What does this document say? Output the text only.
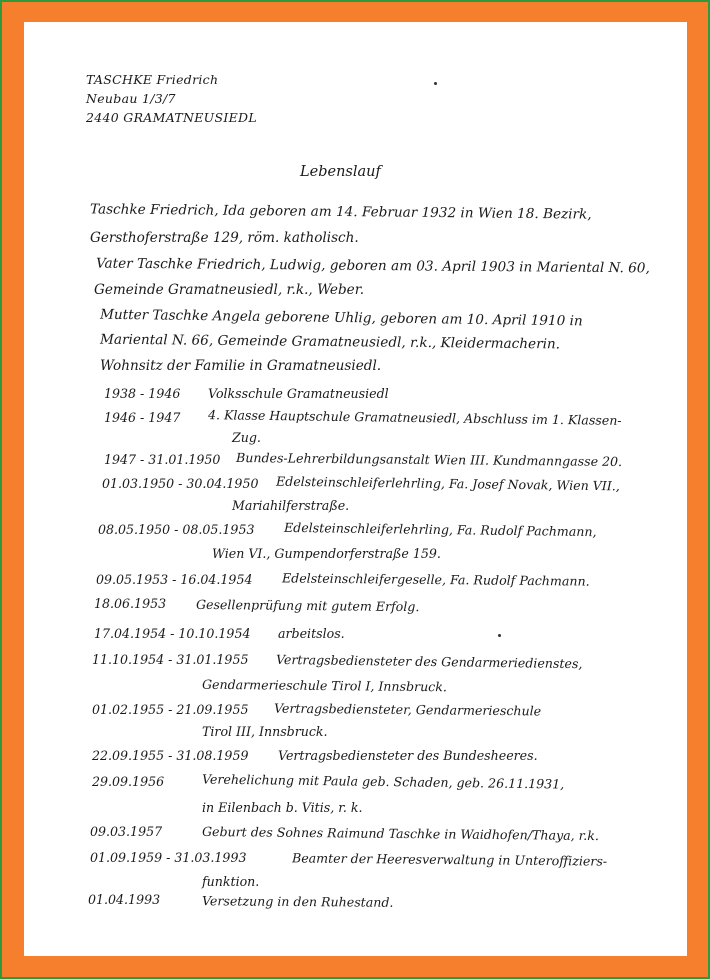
TASCHKE Friedrich
Neubau 1/3/7
2440 GRAMATNEUSIEDL
Lebenslauf
Taschke Friedrich, Ida geboren am 14. Februar 1932 in Wien 18. Bezirk,
Gersthoferstraße 129, röm. katholisch.
Vater Taschke Friedrich, Ludwig, geboren am 03. April 1903 in Mariental N. 60,
Gemeinde Gramatneusiedl, r.k., Weber.
Mutter Taschke Angela geborene Uhlig, geboren am 10. April 1910 in
Mariental N. 66, Gemeinde Gramatneusiedl, r.k., Kleidermacherin.
Wohnsitz der Familie in Gramatneusiedl.
1938 - 1946 Volksschule Gramatneusiedl
1946 - 1947 4. Klasse Hauptschule Gramatneusiedl, Abschluss im 1. Klassen-
Zug.
1947 - 31.01.1950 Bundes-Lehrerbildungsanstalt Wien III. Kundmanngasse 20.
01.03.1950 - 30.04.1950 Edelsteinschleiferlehrling, Fa. Josef Novak, Wien VII.,
Mariahilferstraße.
08.05.1950 - 08.05.1953 Edelsteinschleiferlehrling, Fa. Rudolf Pachmann,
Wien VI., Gumpendorferstraße 159.
09.05.1953 - 16.04.1954 Edelsteinschleifergeselle, Fa. Rudolf Pachmann.
18.06.1953 Gesellenprüfung mit gutem Erfolg.
17.04.1954 - 10.10.1954 arbeitslos.
11.10.1954 - 31.01.1955 Vertragsbediensteter des Gendarmeriedienstes,
Gendarmerieschule Tirol I, Innsbruck.
01.02.1955 - 21.09.1955 Vertragsbediensteter, Gendarmerieschule
Tirol III, Innsbruck.
22.09.1955 - 31.08.1959 Vertragsbediensteter des Bundesheeres.
29.09.1956	Verehelichung mit Paula geb. Schaden, geb. 26.11.1931,
in Eilenbach b. Vitis, r. k.
09.03.1957	Geburt des Sohnes Raimund Taschke in Waidhofen/Thaya, r.k.
01.09.1959 - 31.03.1993	Beamter der Heeresverwaltung in Unteroffiziers-
funktion.
01.04.1993	Versetzung in den Ruhestand.
